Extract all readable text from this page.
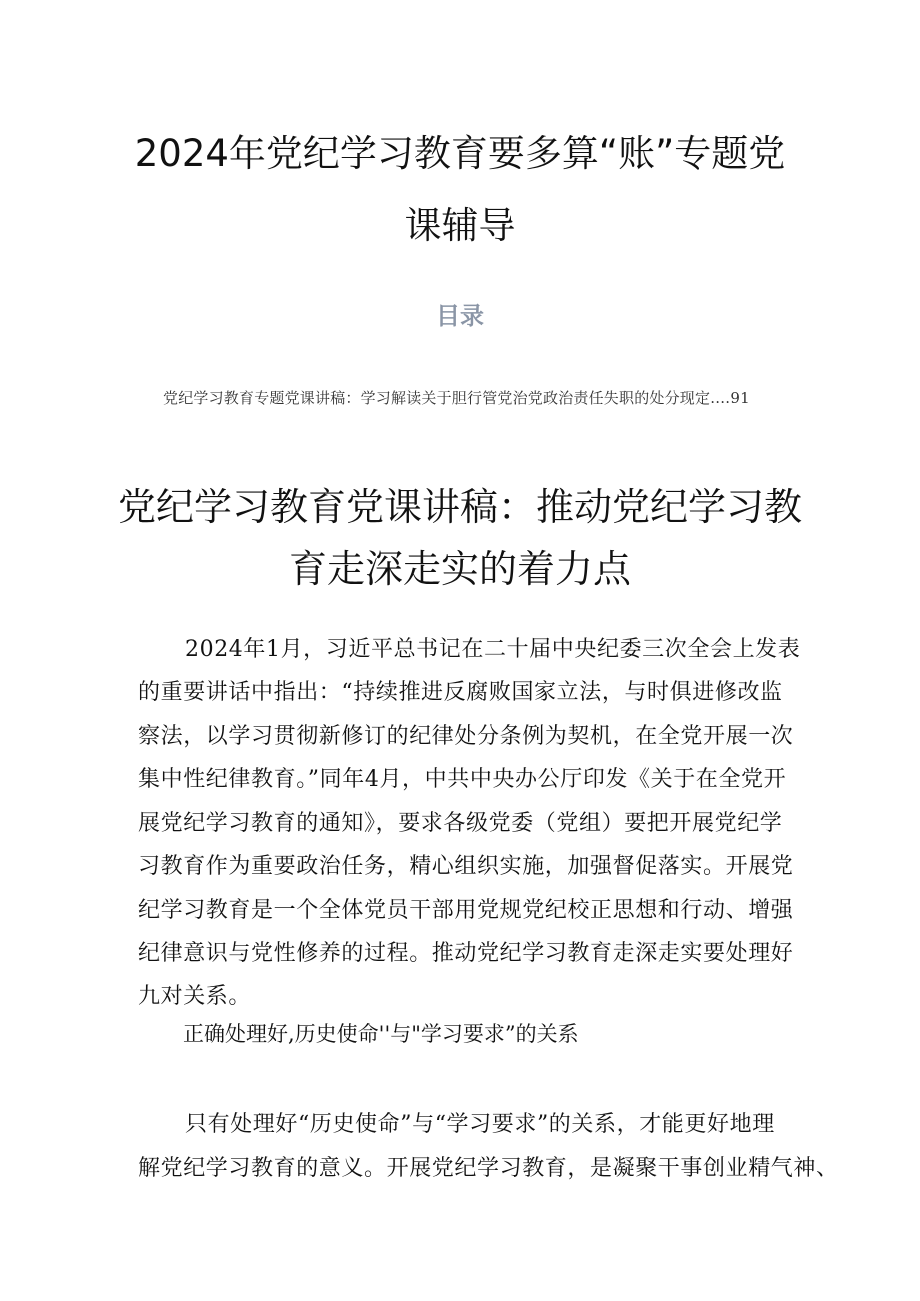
2024年党纪学习教育要多算“账”专题党
课辅导
目录
党纪学习教育专题党课讲稿：学习解读关于胆行管党治党政治责任失职的处分现定.…91
党纪学习教育党课讲稿：推动党纪学习教
育走深走实的着力点
2024年1月，习近平总书记在二十届中央纪委三次全会上发表
的重要讲话中指出：“持续推进反腐败国家立法，与时俱进修改监
察法，以学习贯彻新修订的纪律处分条例为契机，在全党开展一次
集中性纪律教育。”同年4月，中共中央办公厅印发《关于在全党开
展党纪学习教育的通知》，要求各级党委（党组）要把开展党纪学
习教育作为重要政治任务，精心组织实施，加强督促落实。开展党
纪学习教育是一个全体党员干部用党规党纪校正思想和行动、增强
纪律意识与党性修养的过程。推动党纪学习教育走深走实要处理好
九对关系。
正确处理好,历史使命''与"学习要求”的关系
只有处理好“历史使命”与“学习要求”的关系，才能更好地理
解党纪学习教育的意义。开展党纪学习教育，是凝聚干事创业精气神、
